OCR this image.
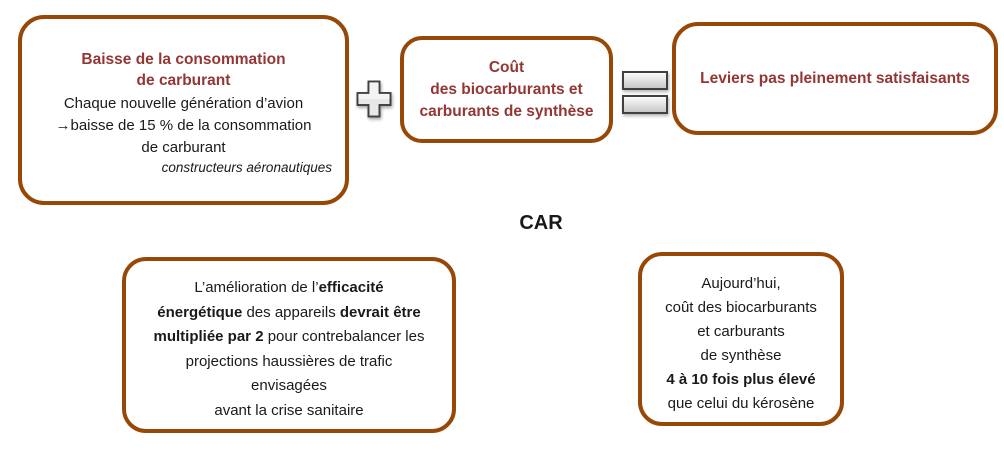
Baisse de la consommation
de carburant
Chaque nouvelle génération d’avion
→baisse de 15 % de la consommation
de carburant
constructeurs aéronautiques
Coût
des biocarburants et
carburants de synthèse
Leviers pas pleinement satisfaisants
CAR
L’amélioration de l’efficacité
énergétique des appareils devrait être
multipliée par 2 pour contrebalancer les
projections haussières de trafic
envisagées
avant la crise sanitaire
Aujourd’hui,
coût des biocarburants
et carburants
de synthèse
4 à 10 fois plus élevé
que celui du kérosène
